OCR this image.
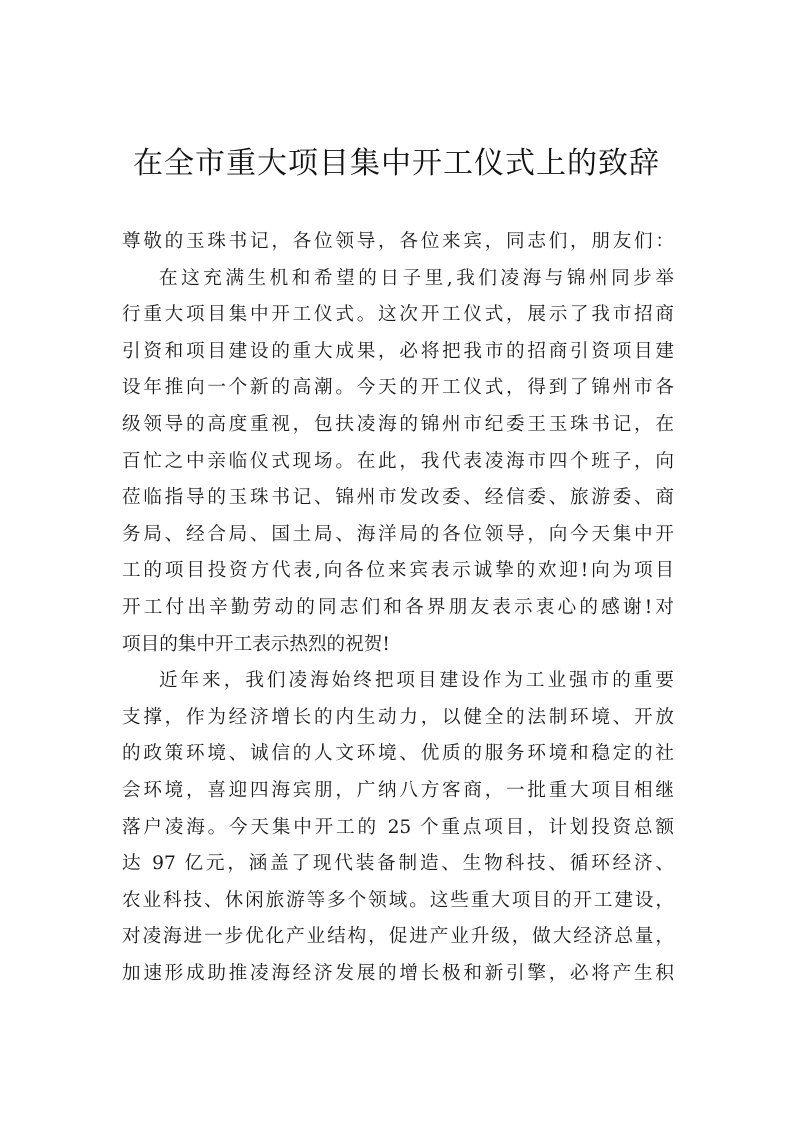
在全市重大项目集中开工仪式上的致辞
尊敬的玉珠书记，各位领导，各位来宾，同志们，朋友们：
在这充满生机和希望的日子里,我们凌海与锦州同步举
行重大项目集中开工仪式。这次开工仪式，展示了我市招商
引资和项目建设的重大成果，必将把我市的招商引资项目建
设年推向一个新的高潮。今天的开工仪式，得到了锦州市各
级领导的高度重视，包扶凌海的锦州市纪委王玉珠书记，在
百忙之中亲临仪式现场。在此，我代表凌海市四个班子，向
莅临指导的玉珠书记、锦州市发改委、经信委、旅游委、商
务局、经合局、国土局、海洋局的各位领导，向今天集中开
工的项目投资方代表,向各位来宾表示诚挚的欢迎!向为项目
开工付出辛勤劳动的同志们和各界朋友表示衷心的感谢!对
项目的集中开工表示热烈的祝贺!
近年来，我们凌海始终把项目建设作为工业强市的重要
支撑，作为经济增长的内生动力，以健全的法制环境、开放
的政策环境、诚信的人文环境、优质的服务环境和稳定的社
会环境，喜迎四海宾朋，广纳八方客商，一批重大项目相继
落户凌海。今天集中开工的 25 个重点项目，计划投资总额
达 97 亿元，涵盖了现代装备制造、生物科技、循环经济、
农业科技、休闲旅游等多个领域。这些重大项目的开工建设，
对凌海进一步优化产业结构，促进产业升级，做大经济总量，
加速形成助推凌海经济发展的增长极和新引擎，必将产生积
